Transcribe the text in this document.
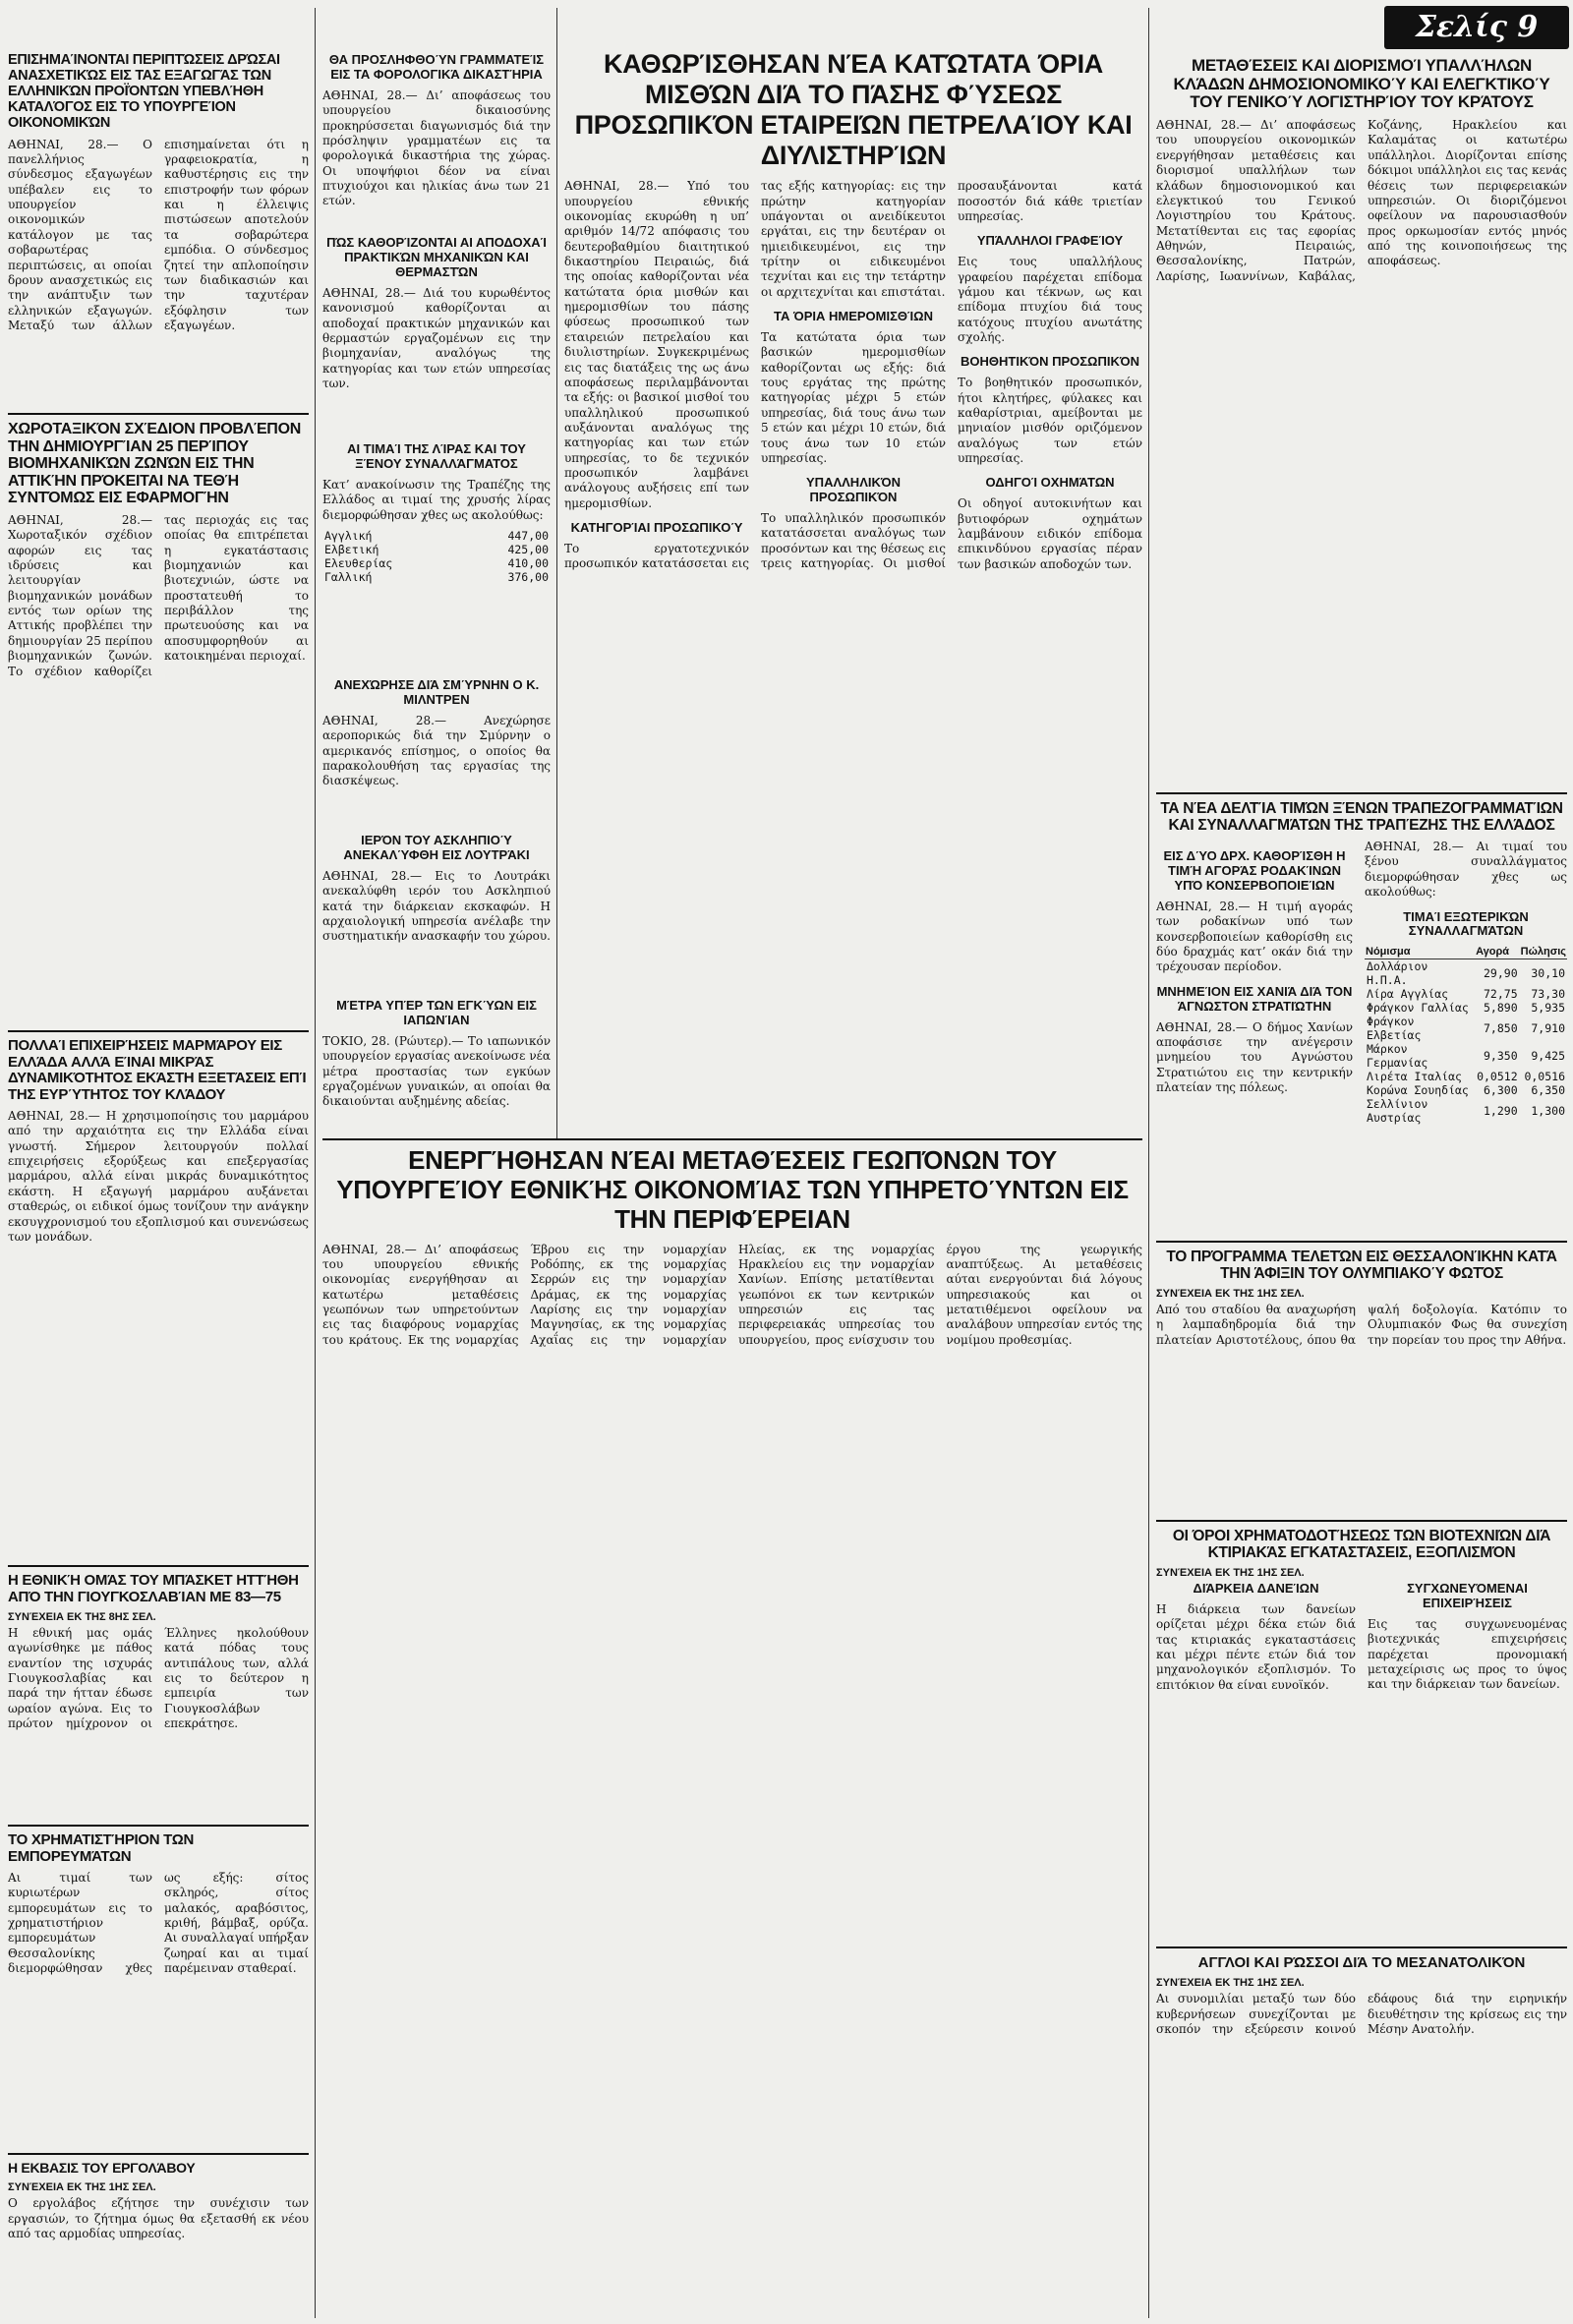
Σελίς 9
ΕΠΙΣΗΜΑΊΝΟΝΤΑΙ ΠΕΡΙΠΤΏΣΕΙΣ ΔΡΏΣΑΙ ΑΝΑΣΧΕΤΙΚΏΣ ΕΙΣ ΤΑΣ ΕΞΑΓΩΓΆΣ ΤΩΝ ΕΛΛΗΝΙΚΏΝ ΠΡΟΪΌΝΤΩΝ ΥΠΕΒΛΉΘΗ ΚΑΤΑΛΌΓΟΣ ΕΙΣ ΤΟ ΥΠΟΥΡΓΕΊΟΝ ΟΙΚΟΝΟΜΙΚΏΝ

ΑΘΗΝΑΙ, 28.— Ο πανελλήνιος σύνδεσμος εξαγωγέων υπέβαλεν εις το υπουργείον οικονομικών κατάλογον με τας σοβαρωτέρας περιπτώσεις, αι οποίαι δρουν ανασχετικώς εις την ανάπτυξιν των ελληνικών εξαγωγών. Μεταξύ των άλλων επισημαίνεται ότι η γραφειοκρατία, η καθυστέρησις εις την επιστροφήν των φόρων και η έλλειψις πιστώσεων αποτελούν τα σοβαρώτερα εμπόδια. Ο σύνδεσμος ζητεί την απλοποίησιν των διαδικασιών και την ταχυτέραν εξόφλησιν των εξαγωγέων.

ΧΩΡΟΤΑΞΙΚΌΝ ΣΧΈΔΙΟΝ ΠΡΟΒΛΈΠΟΝ ΤΗΝ ΔΗΜΙΟΥΡΓΊΑΝ 25 ΠΕΡΊΠΟΥ ΒΙΟΜΗΧΑΝΙΚΏΝ ΖΩΝΏΝ ΕΙΣ ΤΗΝ ΑΤΤΙΚΉΝ ΠΡΌΚΕΙΤΑΙ ΝΑ ΤΕΘΉ ΣΥΝΤΌΜΩΣ ΕΙΣ ΕΦΑΡΜΟΓΉΝ

ΑΘΗΝΑΙ, 28.— Χωροταξικόν σχέδιον αφορών εις τας ιδρύσεις και λειτουργίαν βιομηχανικών μονάδων εντός των ορίων της Αττικής προβλέπει την δημιουργίαν 25 περίπου βιομηχανικών ζωνών. Το σχέδιον καθορίζει τας περιοχάς εις τας οποίας θα επιτρέπεται η εγκατάστασις βιομηχανιών και βιοτεχνιών, ώστε να προστατευθή το περιβάλλον της πρωτευούσης και να αποσυμφορηθούν αι κατοικημέναι περιοχαί.

ΠΟΛΛΑΊ ΕΠΙΧΕΙΡΉΣΕΙΣ ΜΑΡΜΆΡΟΥ ΕΙΣ ΕΛΛΆΔΑ ΑΛΛΆ ΕΊΝΑΙ ΜΙΚΡΆΣ ΔΥΝΑΜΙΚΌΤΗΤΟΣ ΕΚΆΣΤΗ ΕΞΕΤΆΣΕΙΣ ΕΠΊ ΤΗΣ ΕΥΡΎΤΗΤΟΣ ΤΟΥ ΚΛΆΔΟΥ

ΑΘΗΝΑΙ, 28.— Η χρησιμοποίησις του μαρμάρου από την αρχαιότητα εις την Ελλάδα είναι γνωστή. Σήμερον λειτουργούν πολλαί επιχειρήσεις εξορύξεως και επεξεργασίας μαρμάρου, αλλά είναι μικράς δυναμικότητος εκάστη. Η εξαγωγή μαρμάρου αυξάνεται σταθερώς, οι ειδικοί όμως τονίζουν την ανάγκην εκσυγχρονισμού του εξοπλισμού και συνενώσεως των μονάδων.

Η ΕΘΝΙΚΉ ΟΜΆΣ ΤΟΥ ΜΠΆΣΚΕΤ ΗΤΤΉΘΗ ΑΠΌ ΤΗΝ ΓΙΟΥΓΚΟΣΛΑΒΊΑΝ ΜΕ 83—75

ΣΥΝΈΧΕΙΑ ΕΚ ΤΗΣ 8ΗΣ ΣΕΛ.

Η εθνική μας ομάς αγωνίσθηκε με πάθος εναντίον της ισχυράς Γιουγκοσλαβίας και παρά την ήτταν έδωσε ωραίον αγώνα. Εις το πρώτον ημίχρονον οι Έλληνες ηκολούθουν κατά πόδας τους αντιπάλους των, αλλά εις το δεύτερον η εμπειρία των Γιουγκοσλάβων επεκράτησε.

ΤΟ ΧΡΗΜΑΤΙΣΤΉΡΙΟΝ ΤΩΝ ΕΜΠΟΡΕΥΜΆΤΩΝ

Αι τιμαί των κυριωτέρων εμπορευμάτων εις το χρηματιστήριον εμπορευμάτων Θεσσαλονίκης διεμορφώθησαν χθες ως εξής: σίτος σκληρός, σίτος μαλακός, αραβόσιτος, κριθή, βάμβαξ, ορύζα. Αι συναλλαγαί υπήρξαν ζωηραί και αι τιμαί παρέμειναν σταθεραί.

Η ΕΚΒΑΣΙΣ ΤΟΥ ΕΡΓΟΛΆΒΟΥ

ΣΥΝΈΧΕΙΑ ΕΚ ΤΗΣ 1ΗΣ ΣΕΛ.

Ο εργολάβος εζήτησε την συνέχισιν των εργασιών, το ζήτημα όμως θα εξετασθή εκ νέου από τας αρμοδίας υπηρεσίας.

ΘΑ ΠΡΟΣΛΗΦΘΟΎΝ ΓΡΑΜΜΑΤΕΊΣ ΕΙΣ ΤΑ ΦΟΡΟΛΟΓΙΚΆ ΔΙΚΑΣΤΉΡΙΑ

ΑΘΗΝΑΙ, 28.— Δι’ αποφάσεως του υπουργείου δικαιοσύνης προκηρύσσεται διαγωνισμός διά την πρόσληψιν γραμματέων εις τα φορολογικά δικαστήρια της χώρας. Οι υποψήφιοι δέον να είναι πτυχιούχοι και ηλικίας άνω των 21 ετών.

ΠΏΣ ΚΑΘΟΡΊΖΟΝΤΑΙ ΑΙ ΑΠΟΔΟΧΑΊ ΠΡΑΚΤΙΚΏΝ ΜΗΧΑΝΙΚΏΝ ΚΑΙ ΘΕΡΜΑΣΤΏΝ

ΑΘΗΝΑΙ, 28.— Διά του κυρωθέντος κανονισμού καθορίζονται αι αποδοχαί πρακτικών μηχανικών και θερμαστών εργαζομένων εις την βιομηχανίαν, αναλόγως της κατηγορίας και των ετών υπηρεσίας των.

ΑΙ ΤΙΜΑΊ ΤΗΣ ΛΊΡΑΣ ΚΑΙ ΤΟΥ ΞΈΝΟΥ ΣΥΝΑΛΛΆΓΜΑΤΟΣ

Κατ’ ανακοίνωσιν της Τραπέζης της Ελλάδος αι τιμαί της χρυσής λίρας διεμορφώθησαν χθες ως ακολούθως:

Αγγλική	447,00
Ελβετική	425,00
Ελευθερίας	410,00
Γαλλική	376,00
ΑΝΕΧΏΡΗΣΕ ΔΙΆ ΣΜΎΡΝΗΝ Ο Κ. ΜΙΛΝΤΡΕΝ

ΑΘΗΝΑΙ, 28.— Ανεχώρησε αεροπορικώς διά την Σμύρνην ο αμερικανός επίσημος, ο οποίος θα παρακολουθήση τας εργασίας της διασκέψεως.

ΙΕΡΌΝ ΤΟΥ ΑΣΚΛΗΠΙΟΎ ΑΝΕΚΑΛΎΦΘΗ ΕΙΣ ΛΟΥΤΡΆΚΙ

ΑΘΗΝΑΙ, 28.— Εις το Λουτράκι ανεκαλύφθη ιερόν του Ασκληπιού κατά την διάρκειαν εκσκαφών. Η αρχαιολογική υπηρεσία ανέλαβε την συστηματικήν ανασκαφήν του χώρου.

ΜΈΤΡΑ ΥΠΈΡ ΤΩΝ ΕΓΚΎΩΝ ΕΙΣ ΙΑΠΩΝΊΑΝ

ΤΟΚΙΟ, 28. (Ρώυτερ).— Το ιαπωνικόν υπουργείον εργασίας ανεκοίνωσε νέα μέτρα προστασίας των εγκύων εργαζομένων γυναικών, αι οποίαι θα δικαιούνται αυξημένης αδείας.

ΚΑΘΩΡΊΣΘΗΣΑΝ ΝΈΑ ΚΑΤΏΤΑΤΑ ΌΡΙΑ ΜΙΣΘΏΝ ΔΙΆ ΤΟ ΠΆΣΗΣ ΦΎΣΕΩΣ ΠΡΟΣΩΠΙΚΌΝ ΕΤΑΙΡΕΙΏΝ ΠΕΤΡΕΛΑΊΟΥ ΚΑΙ ΔΙΥΛΙΣΤΗΡΊΩΝ

ΑΘΗΝΑΙ, 28.— Υπό του υπουργείου εθνικής οικονομίας εκυρώθη η υπ’ αριθμόν 14/72 απόφασις του δευτεροβαθμίου διαιτητικού δικαστηρίου Πειραιώς, διά της οποίας καθορίζονται νέα κατώτατα όρια μισθών και ημερομισθίων του πάσης φύσεως προσωπικού των εταιρειών πετρελαίου και διυλιστηρίων. Συγκεκριμένως εις τας διατάξεις της ως άνω αποφάσεως περιλαμβάνονται τα εξής: οι βασικοί μισθοί του υπαλληλικού προσωπικού αυξάνονται αναλόγως της κατηγορίας και των ετών υπηρεσίας, το δε τεχνικόν προσωπικόν λαμβάνει ανάλογους αυξήσεις επί των ημερομισθίων.

ΚΑΤΗΓΟΡΊΑΙ ΠΡΟΣΩΠΙΚΟΎ

Το εργατοτεχνικόν προσωπικόν κατατάσσεται εις τας εξής κατηγορίας: εις την πρώτην κατηγορίαν υπάγονται οι ανειδίκευτοι εργάται, εις την δευτέραν οι ημιειδικευμένοι, εις την τρίτην οι ειδικευμένοι τεχνίται και εις την τετάρτην οι αρχιτεχνίται και επιστάται.

ΤΑ ΌΡΙΑ ΗΜΕΡΟΜΙΣΘΊΩΝ

Τα κατώτατα όρια των βασικών ημερομισθίων καθορίζονται ως εξής: διά τους εργάτας της πρώτης κατηγορίας μέχρι 5 ετών υπηρεσίας, διά τους άνω των 5 ετών και μέχρι 10 ετών, διά τους άνω των 10 ετών υπηρεσίας.

ΥΠΑΛΛΗΛΙΚΌΝ ΠΡΟΣΩΠΙΚΌΝ

Το υπαλληλικόν προσωπικόν κατατάσσεται αναλόγως των προσόντων και της θέσεως εις τρεις κατηγορίας. Οι μισθοί προσαυξάνονται κατά ποσοστόν διά κάθε τριετίαν υπηρεσίας.

ΥΠΆΛΛΗΛΟΙ ΓΡΑΦΕΊΟΥ

Εις τους υπαλλήλους γραφείου παρέχεται επίδομα γάμου και τέκνων, ως και επίδομα πτυχίου διά τους κατόχους πτυχίου ανωτάτης σχολής.

ΒΟΗΘΗΤΙΚΌΝ ΠΡΟΣΩΠΙΚΌΝ

Το βοηθητικόν προσωπικόν, ήτοι κλητήρες, φύλακες και καθαρίστριαι, αμείβονται με μηνιαίον μισθόν οριζόμενον αναλόγως των ετών υπηρεσίας.

ΟΔΗΓΟΊ ΟΧΗΜΆΤΩΝ

Οι οδηγοί αυτοκινήτων και βυτιοφόρων οχημάτων λαμβάνουν ειδικόν επίδομα επικινδύνου εργασίας πέραν των βασικών αποδοχών των.

ΕΝΕΡΓΉΘΗΣΑΝ ΝΈΑΙ ΜΕΤΑΘΈΣΕΙΣ ΓΕΩΠΌΝΩΝ ΤΟΥ ΥΠΟΥΡΓΕΊΟΥ ΕΘΝΙΚΉΣ ΟΙΚΟΝΟΜΊΑΣ ΤΩΝ ΥΠΗΡΕΤΟΎΝΤΩΝ ΕΙΣ ΤΗΝ ΠΕΡΙΦΈΡΕΙΑΝ

ΑΘΗΝΑΙ, 28.— Δι’ αποφάσεως του υπουργείου εθνικής οικονομίας ενεργήθησαν αι κατωτέρω μεταθέσεις γεωπόνων των υπηρετούντων εις τας διαφόρους νομαρχίας του κράτους. Εκ της νομαρχίας Έβρου εις την νομαρχίαν Ροδόπης, εκ της νομαρχίας Σερρών εις την νομαρχίαν Δράμας, εκ της νομαρχίας Λαρίσης εις την νομαρχίαν Μαγνησίας, εκ της νομαρχίας Αχαΐας εις την νομαρχίαν Ηλείας, εκ της νομαρχίας Ηρακλείου εις την νομαρχίαν Χανίων. Επίσης μετατίθενται γεωπόνοι εκ των κεντρικών υπηρεσιών εις τας περιφερειακάς υπηρεσίας του υπουργείου, προς ενίσχυσιν του έργου της γεωργικής αναπτύξεως. Αι μεταθέσεις αύται ενεργούνται διά λόγους υπηρεσιακούς και οι μετατιθέμενοι οφείλουν να αναλάβουν υπηρεσίαν εντός της νομίμου προθεσμίας.

ΜΕΤΑΘΈΣΕΙΣ ΚΑΙ ΔΙΟΡΙΣΜΟΊ ΥΠΑΛΛΉΛΩΝ ΚΛΆΔΩΝ ΔΗΜΟΣΙΟΝΟΜΙΚΟΎ ΚΑΙ ΕΛΕΓΚΤΙΚΟΎ ΤΟΥ ΓΕΝΙΚΟΎ ΛΟΓΙΣΤΗΡΊΟΥ ΤΟΥ ΚΡΆΤΟΥΣ

ΑΘΗΝΑΙ, 28.— Δι’ αποφάσεως του υπουργείου οικονομικών ενεργήθησαν μεταθέσεις και διορισμοί υπαλλήλων των κλάδων δημοσιονομικού και ελεγκτικού του Γενικού Λογιστηρίου του Κράτους. Μετατίθενται εις τας εφορίας Αθηνών, Πειραιώς, Θεσσαλονίκης, Πατρών, Λαρίσης, Ιωαννίνων, Καβάλας, Κοζάνης, Ηρακλείου και Καλαμάτας οι κατωτέρω υπάλληλοι. Διορίζονται επίσης δόκιμοι υπάλληλοι εις τας κενάς θέσεις των περιφερειακών υπηρεσιών. Οι διοριζόμενοι οφείλουν να παρουσιασθούν προς ορκωμοσίαν εντός μηνός από της κοινοποιήσεως της αποφάσεως.

ΤΑ ΝΈΑ ΔΕΛΤΊΑ ΤΙΜΏΝ ΞΈΝΩΝ ΤΡΑΠΕΖΟΓΡΑΜΜΑΤΊΩΝ ΚΑΙ ΣΥΝΑΛΛΑΓΜΆΤΩΝ ΤΗΣ ΤΡΑΠΈΖΗΣ ΤΗΣ ΕΛΛΆΔΟΣ
ΕΙΣ ΔΎΟ ΔΡΧ. ΚΑΘΟΡΊΣΘΗ Η ΤΙΜΉ ΑΓΟΡΆΣ ΡΟΔΑΚΊΝΩΝ ΥΠΌ ΚΟΝΣΕΡΒΟΠΟΙΕΊΩΝ

ΑΘΗΝΑΙ, 28.— Η τιμή αγοράς των ροδακίνων υπό των κονσερβοποιείων καθορίσθη εις δύο δραχμάς κατ’ οκάν διά την τρέχουσαν περίοδον.

ΜΝΗΜΕΊΟΝ ΕΙΣ ΧΑΝΙΆ ΔΙΆ ΤΟΝ ΆΓΝΩΣΤΟΝ ΣΤΡΑΤΙΏΤΗΝ

ΑΘΗΝΑΙ, 28.— Ο δήμος Χανίων αποφάσισε την ανέγερσιν μνημείου του Αγνώστου Στρατιώτου εις την κεντρικήν πλατείαν της πόλεως.

ΑΘΗΝΑΙ, 28.— Αι τιμαί του ξένου συναλλάγματος διεμορφώθησαν χθες ως ακολούθως:

ΤΙΜΑΊ ΕΞΩΤΕΡΙΚΏΝ ΣΥΝΑΛΛΑΓΜΆΤΩΝ
Νόμισμα	Αγορά	Πώλησις
Δολλάριον Η.Π.Α.	29,90	30,10
Λίρα Αγγλίας	72,75	73,30
Φράγκον Γαλλίας	5,890	5,935
Φράγκον Ελβετίας	7,850	7,910
Μάρκον Γερμανίας	9,350	9,425
Λιρέτα Ιταλίας	0,0512	0,0516
Κορώνα Σουηδίας	6,300	6,350
Σελλίνιον Αυστρίας	1,290	1,300
ΤΟ ΠΡΌΓΡΑΜΜΑ ΤΕΛΕΤΏΝ ΕΙΣ ΘΕΣΣΑΛΟΝΊΚΗΝ ΚΑΤΆ ΤΗΝ ΆΦΙΞΙΝ ΤΟΥ ΟΛΥΜΠΙΑΚΟΎ ΦΩΤΌΣ

ΣΥΝΈΧΕΙΑ ΕΚ ΤΗΣ 1ΗΣ ΣΕΛ.

Από του σταδίου θα αναχωρήση η λαμπαδηδρομία διά την πλατείαν Αριστοτέλους, όπου θα ψαλή δοξολογία. Κατόπιν το Ολυμπιακόν Φως θα συνεχίση την πορείαν του προς την Αθήνα.

ΟΙ ΌΡΟΙ ΧΡΗΜΑΤΟΔΟΤΉΣΕΩΣ ΤΩΝ ΒΙΟΤΕΧΝΙΏΝ ΔΙΆ ΚΤΙΡΙΑΚΆΣ ΕΓΚΑΤΑΣΤΆΣΕΙΣ, ΕΞΟΠΛΙΣΜΌΝ

ΣΥΝΈΧΕΙΑ ΕΚ ΤΗΣ 1ΗΣ ΣΕΛ.

ΔΙΆΡΚΕΙΑ ΔΑΝΕΊΩΝ

Η διάρκεια των δανείων ορίζεται μέχρι δέκα ετών διά τας κτιριακάς εγκαταστάσεις και μέχρι πέντε ετών διά τον μηχανολογικόν εξοπλισμόν. Το επιτόκιον θα είναι ευνοϊκόν.

ΣΥΓΧΩΝΕΥΌΜΕΝΑΙ ΕΠΙΧΕΙΡΉΣΕΙΣ

Εις τας συγχωνευομένας βιοτεχνικάς επιχειρήσεις παρέχεται προνομιακή μεταχείρισις ως προς το ύψος και την διάρκειαν των δανείων.

ΑΓΓΛΟΙ ΚΑΙ ΡΏΣΣΟΙ ΔΙΆ ΤΟ ΜΕΣΑΝΑΤΟΛΙΚΌΝ

ΣΥΝΈΧΕΙΑ ΕΚ ΤΗΣ 1ΗΣ ΣΕΛ.

Αι συνομιλίαι μεταξύ των δύο κυβερνήσεων συνεχίζονται με σκοπόν την εξεύρεσιν κοινού εδάφους διά την ειρηνικήν διευθέτησιν της κρίσεως εις την Μέσην Ανατολήν.
